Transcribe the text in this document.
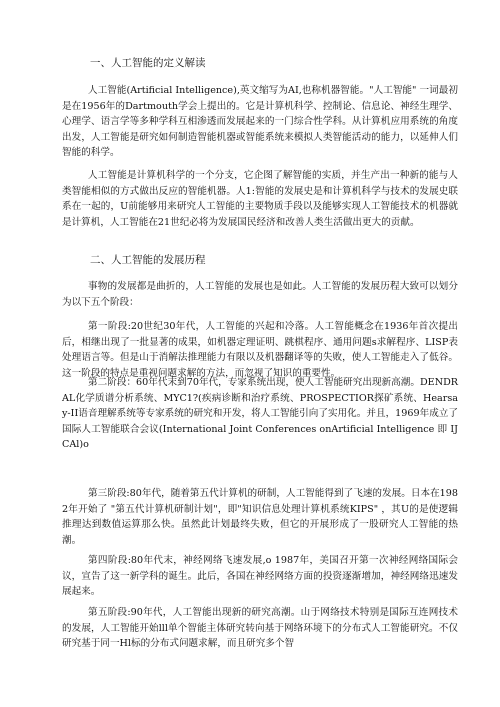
一、人工智能的定义解读

人工智能(Artificial Intelligence),英文缩写为AI,也称机器智能。"人工智能" 一词最初是在1956年的Dartmouth学会上提出的。它是计算机科学、控制论、信息论、神经生理学、心理学、语言学等多种学科互相渗透而发展起来的一门综合性学科。从计算机应用系统的角度出发，人工智能是研究如何制造智能机器或智能系统来模拟人类智能活动的能力，以延伸人们智能的科学。

人工智能是计算机科学的一个分支，它企图了解智能的实质，并生产出一种新的能与人类智能相似的方式做出反应的智能机器。人1:智能的发展史是和计算机科学与技术的发展史联系在一起的，U前能够用来研究人工智能的主要物质手段以及能够实现人工智能技术的机器就是计算机，人工智能在21世纪必将为发展国民经济和改善人类生活做出更大的贡献。

二、人工智能的发展历程

事物的发展都是曲折的，人工智能的发展也是如此。人工智能的发展历程大致可以划分为以下五个阶段：

第一阶段:20世纪30年代，人工智能的兴起和冷落。人工智能概念在1936年首次提出后，相继出现了一批显著的成果，如机器定理证明、跳棋程序、通用问题s求解程序、LISP表处理语言等。但是山于消解法推理能力有限以及机器翻译等的失败，使人工智能走入了低谷。这一阶段的特点是重视问题求解的方法，而忽视了知识的重要性。

第二阶段：60年代末到70年代，专家系统出现，使人工智能研究出现新高潮。DENDRAL化学质谱分析系统、MYC1?(疾病诊断和治疗系统、PROSPECTIOR探矿系统、Hearsay-II语音理解系统等专家系统的研究和开发，将人工智能引向了实用化。并且，1969年成立了国际人工智能联合会议(International Joint Conferences onArtificial Intelligence 即 IJCAl)o

第三阶段:80年代，随着第五代计算机的研制，人工智能得到了飞速的发展。日本在1982年开始了 "第五代计算机研制计划"，即"知识信息处理计算机系统KIPS" ，其U的是使逻辑推理达到数值运算那么快。虽然此计划最终失败，但它的开展形成了一股研究人工智能的热潮。

第四阶段:80年代末，神经网络飞速发展,o 1987年，美国召开第一次神经网络国际会议，宣告了这一新学科的诞生。此后，各国在神经网络方面的投资逐渐增加，神经网络迅速发展起来。

第五阶段:90年代，人工智能出现新的研究高潮。山于网络技术特别是国际互连网技术的发展，人工智能开始lll单个智能主体研究转向基于网络环境下的分布式人工智能研究。不仅研究基于同一Hl标的分布式问题求解，而且研究多个智
